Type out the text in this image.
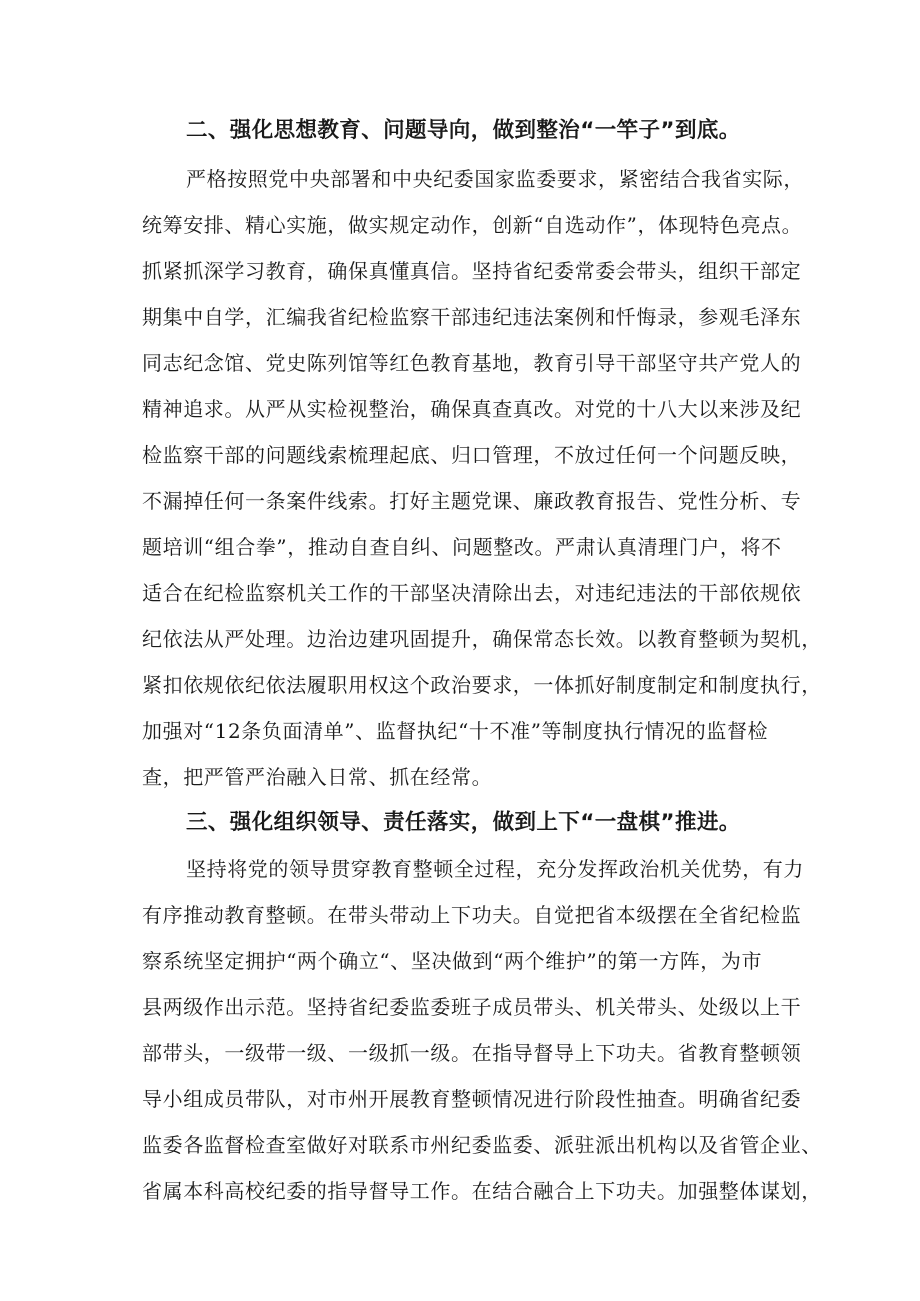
二、强化思想教育、问题导向，做到整治“一竿子”到底。
严格按照党中央部署和中央纪委国家监委要求，紧密结合我省实际，
统筹安排、精心实施，做实规定动作，创新“自选动作”，体现特色亮点。
抓紧抓深学习教育，确保真懂真信。坚持省纪委常委会带头，组织干部定
期集中自学，汇编我省纪检监察干部违纪违法案例和忏悔录，参观毛泽东
同志纪念馆、党史陈列馆等红色教育基地，教育引导干部坚守共产党人的
精神追求。从严从实检视整治，确保真查真改。对党的十八大以来涉及纪
检监察干部的问题线索梳理起底、归口管理，不放过任何一个问题反映，
不漏掉任何一条案件线索。打好主题党课、廉政教育报告、党性分析、专
题培训“组合拳”，推动自查自纠、问题整改。严肃认真清理门户，将不
适合在纪检监察机关工作的干部坚决清除出去，对违纪违法的干部依规依
纪依法从严处理。边治边建巩固提升，确保常态长效。以教育整顿为契机，
紧扣依规依纪依法履职用权这个政治要求，一体抓好制度制定和制度执行，
加强对“12条负面清单”、监督执纪“十不准”等制度执行情况的监督检
查，把严管严治融入日常、抓在经常。
三、强化组织领导、责任落实，做到上下“一盘棋”推进。
坚持将党的领导贯穿教育整顿全过程，充分发挥政治机关优势，有力
有序推动教育整顿。在带头带动上下功夫。自觉把省本级摆在全省纪检监
察系统坚定拥护“两个确立“、坚决做到“两个维护”的第一方阵，为市
县两级作出示范。坚持省纪委监委班子成员带头、机关带头、处级以上干
部带头，一级带一级、一级抓一级。在指导督导上下功夫。省教育整顿领
导小组成员带队，对市州开展教育整顿情况进行阶段性抽查。明确省纪委
监委各监督检查室做好对联系市州纪委监委、派驻派出机构以及省管企业、
省属本科高校纪委的指导督导工作。在结合融合上下功夫。加强整体谋划，
